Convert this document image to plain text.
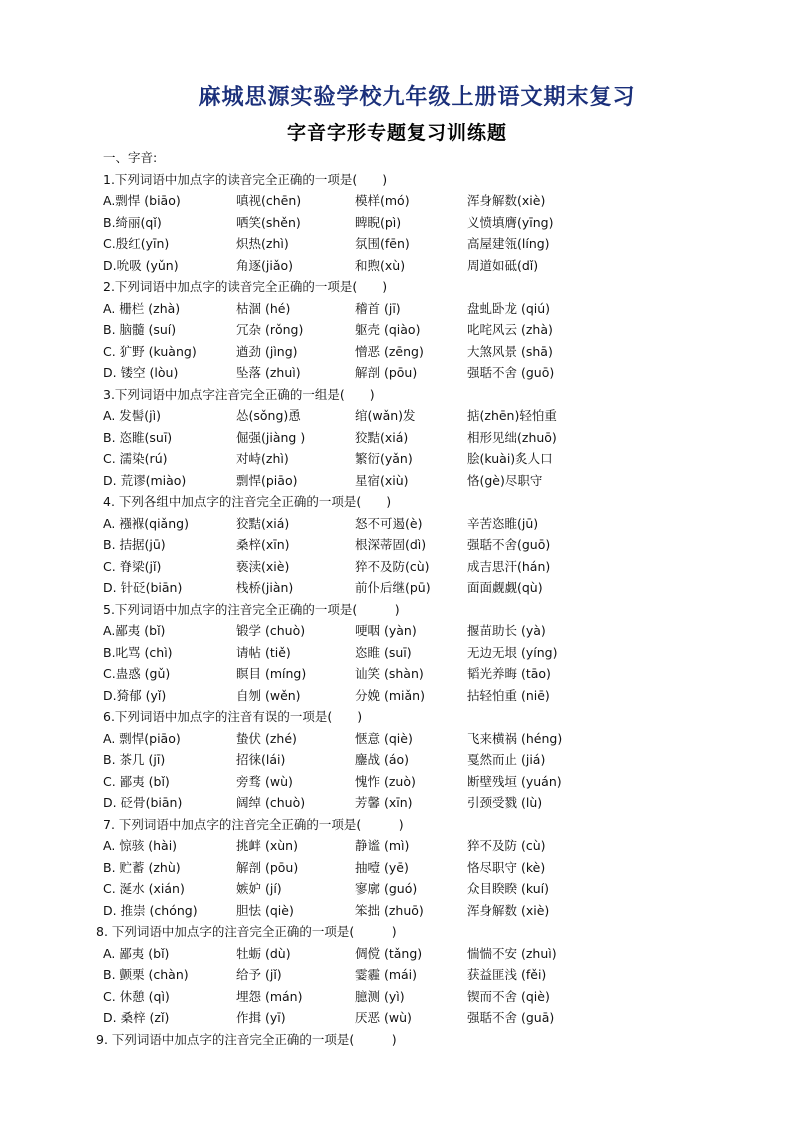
麻城思源实验学校九年级上册语文期末复习
字音字形专题复习训练题
一、字音:
1.下列词语中加点字的读音完全正确的一项是(　　)
A.剽悍 (biāo)	嗔视(chēn)	模样(mó)	浑身解数(xiè)
B.绮丽(qǐ)	哂笑(shěn)	睥睨(pì)	义愤填膺(yīng)
C.殷红(yīn)	炽热(zhì)	氛围(fēn)	高屋建瓴(líng)
D.吮吸 (yǔn)	角逐(jiǎo)	和煦(xù)	周道如砥(dǐ)
2.下列词语中加点字的读音完全正确的一项是(　　)
A. 栅栏 (zhà)	枯涸 (hé)	稽首 (jī)	盘虬卧龙 (qiú)
B. 脑髓 (suí)	冗杂 (rǒng)	躯壳 (qiào)	叱咤风云 (zhà)
C. 犷野 (kuàng)	遒劲 (jìng)	憎恶 (zēng)	大煞风景 (shā)
D. 镂空 (lòu)	坠落 (zhuì)	解剖 (pōu)	强聒不舍 (guō)
3.下列词语中加点字注音完全正确的一组是(　　)
A. 发髻(jì)	怂(sǒng)恿	绾(wǎn)发	掂(zhēn)轻怕重
B. 恣睢(suī)	倔强(jiàng )	狡黠(xiá)	相形见绌(zhuō)
C. 濡染(rú)	对峙(zhì)	繁衍(yǎn)	脍(kuài)炙人口
D. 荒谬(miào)	剽悍(piāo)	星宿(xiù)	恪(gè)尽职守
4. 下列各组中加点字的注音完全正确的一项是(　　)
A. 襁褓(qiǎng)	狡黠(xiá)	怒不可遏(è)	辛苦恣睢(jū)
B. 拮据(jū)	桑梓(xīn)	根深蒂固(dì)	强聒不舍(guō)
C. 脊梁(jǐ)	亵渎(xiè)	猝不及防(cù)	成吉思汗(hán)
D. 针砭(biān)	栈桥(jiàn)	前仆后继(pū)	面面觑觑(qù)
5.下列词语中加点字的注音完全正确的一项是(　　　)
A.鄙夷 (bǐ)	锻学 (chuò)	哽咽 (yàn)	揠苗助长 (yà)
B.叱骂 (chì)	请帖 (tiě)	恣睢 (suī)	无边无垠 (yíng)
C.蛊惑 (gǔ)	瞑目 (míng)	讪笑 (shàn)	韬光养晦 (tāo)
D.猗郁 (yǐ)	自刎 (wěn)	分娩 (miǎn)	拈轻怕重 (niē)
6.下列词语中加点字的注音有误的一项是(　　)
A. 剽悍(piāo)	蛰伏 (zhé)	惬意 (qiè)	飞来横祸 (héng)
B. 茶几 (jī)	招徕(lái)	鏖战 (áo)	戛然而止 (jiá)
C. 鄙夷 (bǐ)	旁骛 (wù)	愧怍 (zuò)	断壁残垣 (yuán)
D. 砭骨(biān)	阔绰 (chuò)	芳馨 (xīn)	引颈受戮 (lù)
7. 下列词语中加点字的注音完全正确的一项是(　　　)
A. 惊骇 (hài)	挑衅 (xùn)	静谧 (mì)	猝不及防 (cù)
B. 贮蓄 (zhù)	解剖 (pōu)	抽噎 (yē)	恪尽职守 (kè)
C. 涎水 (xián)	嫉妒 (jí)	寥廓 (guó)	众目睽睽 (kuí)
D. 推崇 (chóng)	胆怯 (qiè)	笨拙 (zhuō)	浑身解数 (xiè)
8. 下列词语中加点字的注音完全正确的一项是(　　　)
A. 鄙夷 (bǐ)	牡蛎 (dù)	倜傥 (tǎng)	惴惴不安 (zhuì)
B. 颤栗 (chàn)	给予 (jǐ)	霎霾 (mái)	获益匪浅 (fěi)
C. 休憩 (qì)	埋怨 (mán)	臆测 (yì)	锲而不舍 (qiè)
D. 桑梓 (zǐ)	作揖 (yī)	厌恶 (wù)	强聒不舍 (guā)
9. 下列词语中加点字的注音完全正确的一项是(　　　)
